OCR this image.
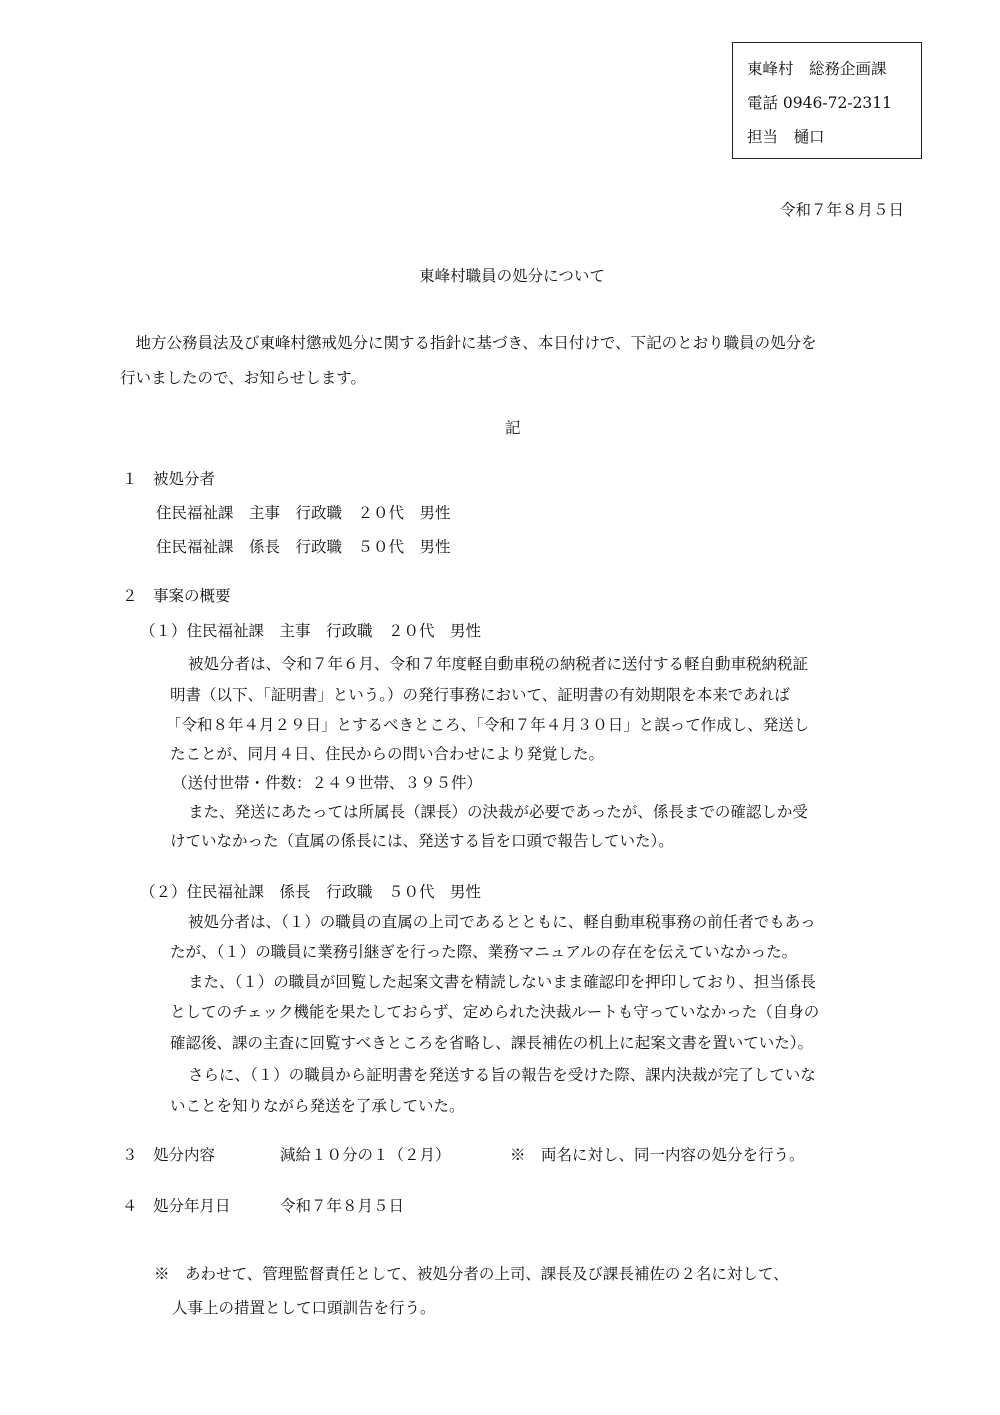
東峰村　総務企画課
電話 0946-72-2311
担当　樋口
令和７年８月５日
東峰村職員の処分について
　地方公務員法及び東峰村懲戒処分に関する指針に基づき、本日付けで、下記のとおり職員の処分を
行いましたので、お知らせします。
記
１　被処分者
住民福祉課　主事　行政職　２０代　男性
住民福祉課　係長　行政職　５０代　男性
２　事案の概要
（１）住民福祉課　主事　行政職　２０代　男性
被処分者は、令和７年６月、令和７年度軽自動車税の納税者に送付する軽自動車税納税証
明書（以下、「証明書」という。）の発行事務において、証明書の有効期限を本来であれば
「令和８年４月２９日」とするべきところ、「令和７年４月３０日」と誤って作成し、発送し
たことが、同月４日、住民からの問い合わせにより発覚した。
（送付世帯・件数：２４９世帯、３９５件）
また、発送にあたっては所属長（課長）の決裁が必要であったが、係長までの確認しか受
けていなかった（直属の係長には、発送する旨を口頭で報告していた）。
（２）住民福祉課　係長　行政職　５０代　男性
被処分者は、（１）の職員の直属の上司であるとともに、軽自動車税事務の前任者でもあっ
たが、（１）の職員に業務引継ぎを行った際、業務マニュアルの存在を伝えていなかった。
また、（１）の職員が回覧した起案文書を精読しないまま確認印を押印しており、担当係長
としてのチェック機能を果たしておらず、定められた決裁ルートも守っていなかった（自身の
確認後、課の主査に回覧すべきところを省略し、課長補佐の机上に起案文書を置いていた）。
さらに、（１）の職員から証明書を発送する旨の報告を受けた際、課内決裁が完了していな
いことを知りながら発送を了承していた。
３　処分内容	減給１０分の１（２月）	※　両名に対し、同一内容の処分を行う。
４　処分年月日	令和７年８月５日
※　あわせて、管理監督責任として、被処分者の上司、課長及び課長補佐の２名に対して、
人事上の措置として口頭訓告を行う。
